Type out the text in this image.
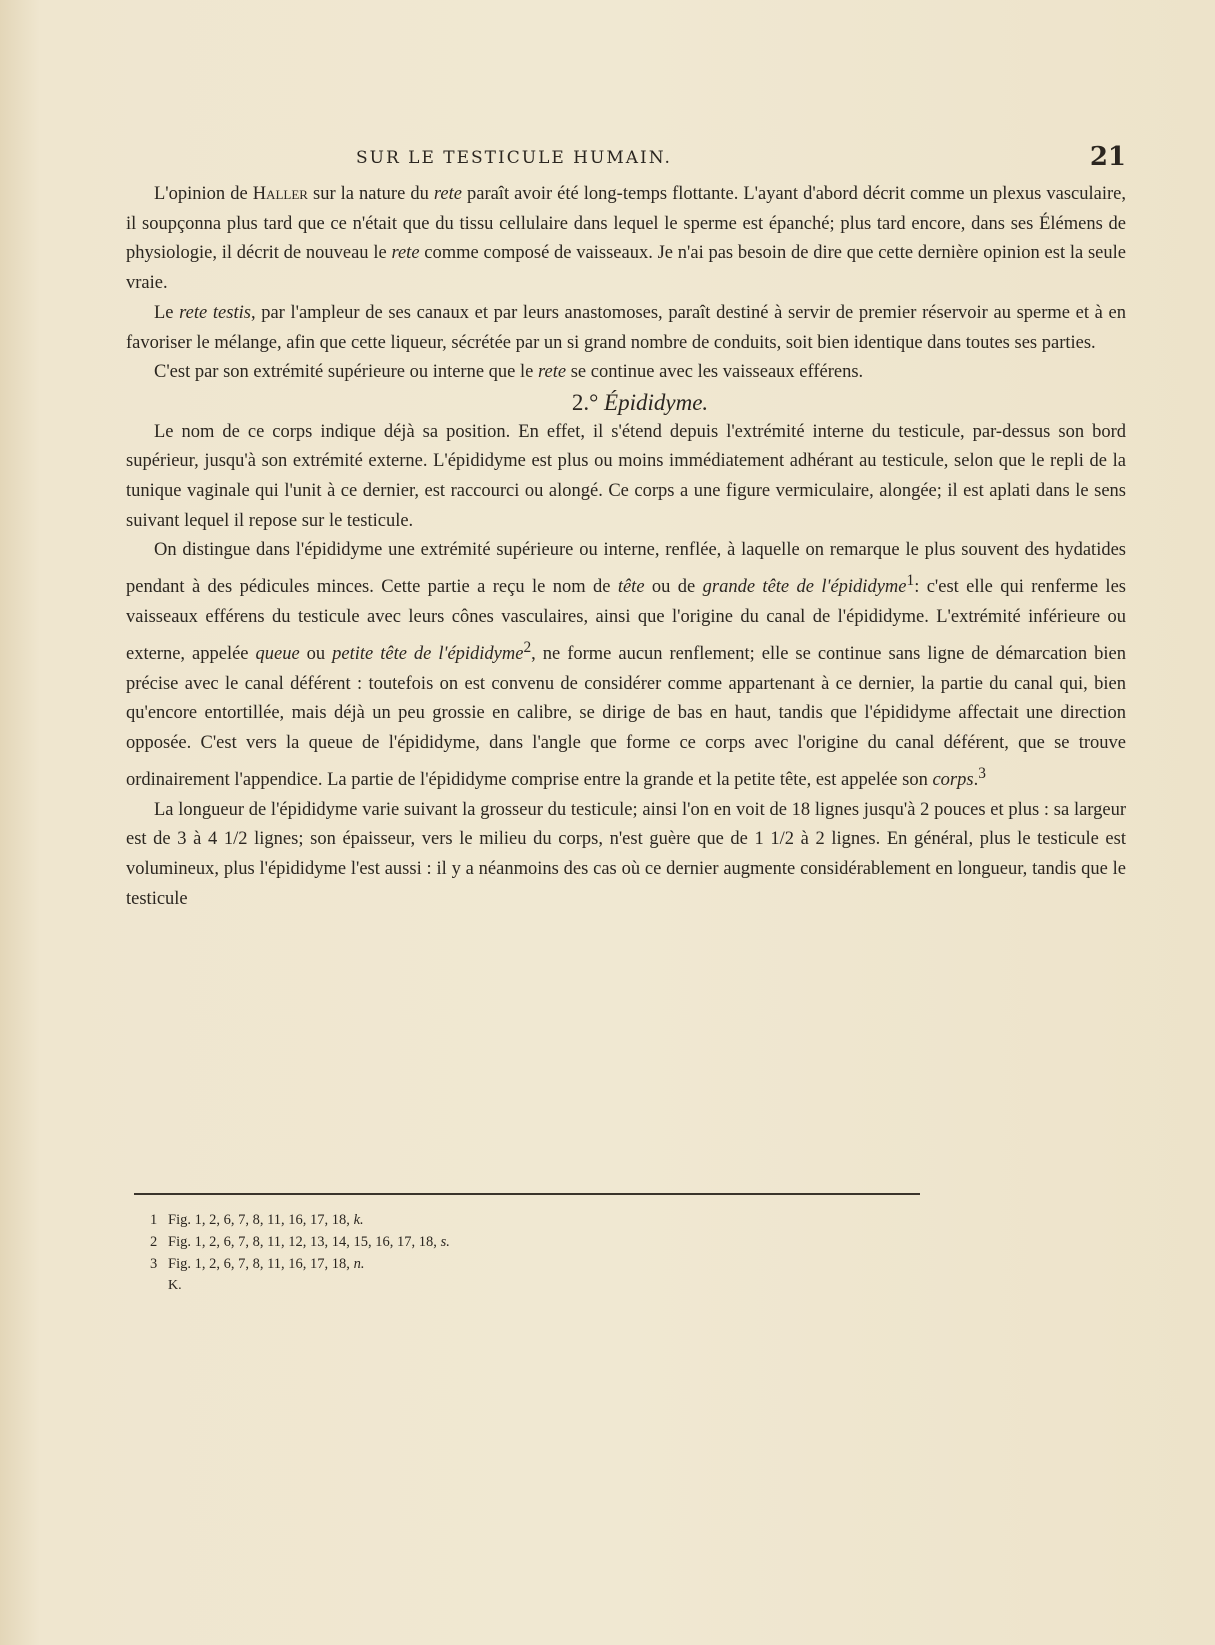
SUR LE TESTICULE HUMAIN.	21

L'opinion de Haller sur la nature du rete paraît avoir été long-temps flottante. L'ayant d'abord décrit comme un plexus vasculaire, il soupçonna plus tard que ce n'était que du tissu cellulaire dans lequel le sperme est épanché; plus tard encore, dans ses Élémens de physiologie, il décrit de nouveau le rete comme composé de vaisseaux. Je n'ai pas besoin de dire que cette dernière opinion est la seule vraie.

Le rete testis, par l'ampleur de ses canaux et par leurs anastomoses, paraît destiné à servir de premier réservoir au sperme et à en favoriser le mélange, afin que cette liqueur, sécrétée par un si grand nombre de conduits, soit bien identique dans toutes ses parties.

C'est par son extrémité supérieure ou interne que le rete se continue avec les vaisseaux efférens.

2.° Épididyme.

Le nom de ce corps indique déjà sa position. En effet, il s'étend depuis l'extrémité interne du testicule, par-dessus son bord supérieur, jusqu'à son extrémité externe. L'épididyme est plus ou moins immédiatement adhérant au testicule, selon que le repli de la tunique vaginale qui l'unit à ce dernier, est raccourci ou alongé. Ce corps a une figure vermiculaire, alongée; il est aplati dans le sens suivant lequel il repose sur le testicule.

On distingue dans l'épididyme une extrémité supérieure ou interne, renflée, à laquelle on remarque le plus souvent des hydatides pendant à des pédicules minces. Cette partie a reçu le nom de tête ou de grande tête de l'épididyme$^1$: c'est elle qui renferme les vaisseaux efférens du testicule avec leurs cônes vasculaires, ainsi que l'origine du canal de l'épididyme. L'extrémité inférieure ou externe, appelée queue ou petite tête de l'épididyme$^2$, ne forme aucun renflement; elle se continue sans ligne de démarcation bien précise avec le canal déférent : toutefois on est convenu de considérer comme appartenant à ce dernier, la partie du canal qui, bien qu'encore entortillée, mais déjà un peu grossie en calibre, se dirige de bas en haut, tandis que l'épididyme affectait une direction opposée. C'est vers la queue de l'épididyme, dans l'angle que forme ce corps avec l'origine du canal déférent, que se trouve ordinairement l'appendice. La partie de l'épididyme comprise entre la grande et la petite tête, est appelée son corps.$^3$

La longueur de l'épididyme varie suivant la grosseur du testicule; ainsi l'on en voit de 18 lignes jusqu'à 2 pouces et plus : sa largeur est de 3 à 4 1/2 lignes; son épaisseur, vers le milieu du corps, n'est guère que de 1 1/2 à 2 lignes. En général, plus le testicule est volumineux, plus l'épididyme l'est aussi : il y a néanmoins des cas où ce dernier augmente considérablement en longueur, tandis que le testicule

1 Fig. 1, 2, 6, 7, 8, 11, 16, 17, 18, k.
2 Fig. 1, 2, 6, 7, 8, 11, 12, 13, 14, 15, 16, 17, 18, s.
3 Fig. 1, 2, 6, 7, 8, 11, 16, 17, 18, n.
K.
